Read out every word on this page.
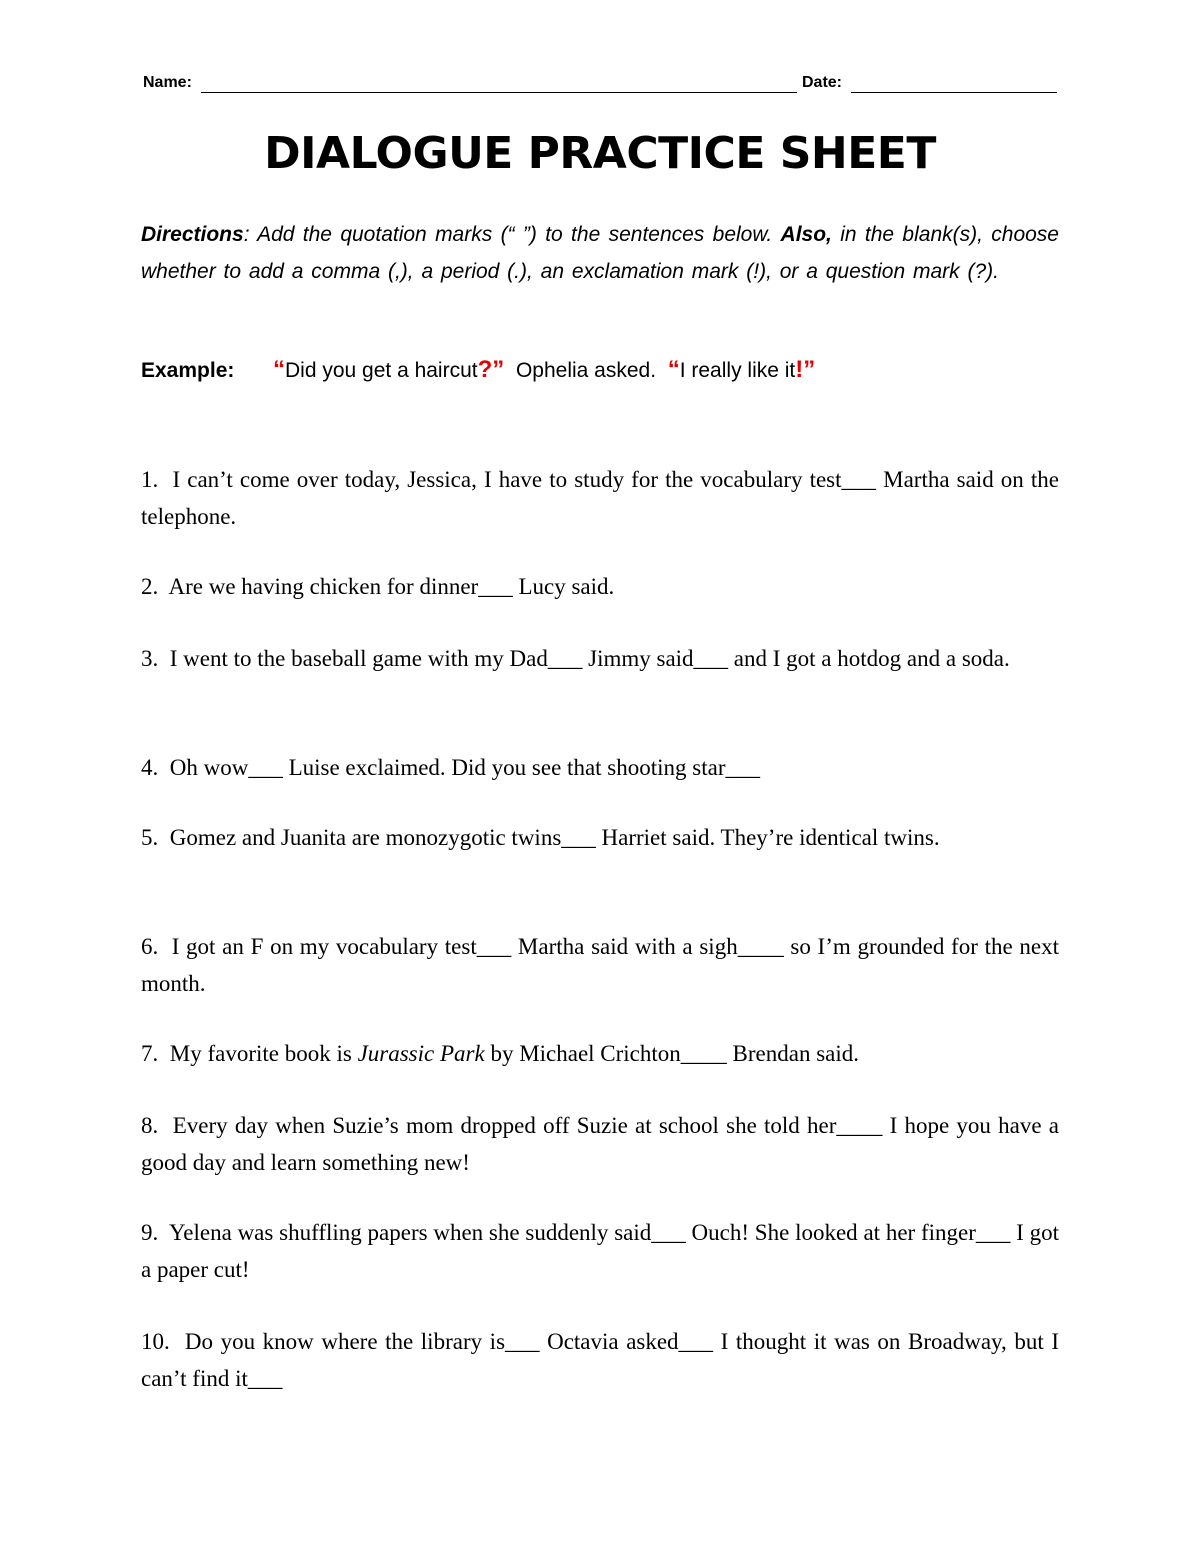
Name:	Date:
DIALOGUE PRACTICE SHEET
Directions: Add the quotation marks (“ ”) to the sentences below. Also, in the blank(s), choose whether to add a comma (,), a period (.), an exclamation mark (!), or a question mark (?).
Example: “Did you get a haircut?”  Ophelia asked.  “I really like it!”
1. I can’t come over today, Jessica, I have to study for the vocabulary test___ Martha said on the telephone.
2. Are we having chicken for dinner___ Lucy said.
3. I went to the baseball game with my Dad___ Jimmy said___ and I got a hotdog and a soda.
4. Oh wow___ Luise exclaimed. Did you see that shooting star___
5. Gomez and Juanita are monozygotic twins___ Harriet said. They’re identical twins.
6. I got an F on my vocabulary test___ Martha said with a sigh____ so I’m grounded for the next month.
7. My favorite book is Jurassic Park by Michael Crichton____ Brendan said.
8. Every day when Suzie’s mom dropped off Suzie at school she told her____ I hope you have a good day and learn something new!
9. Yelena was shuffling papers when she suddenly said___ Ouch! She looked at her finger___ I got a paper cut!
10. Do you know where the library is___ Octavia asked___ I thought it was on Broadway, but I can’t find it___
